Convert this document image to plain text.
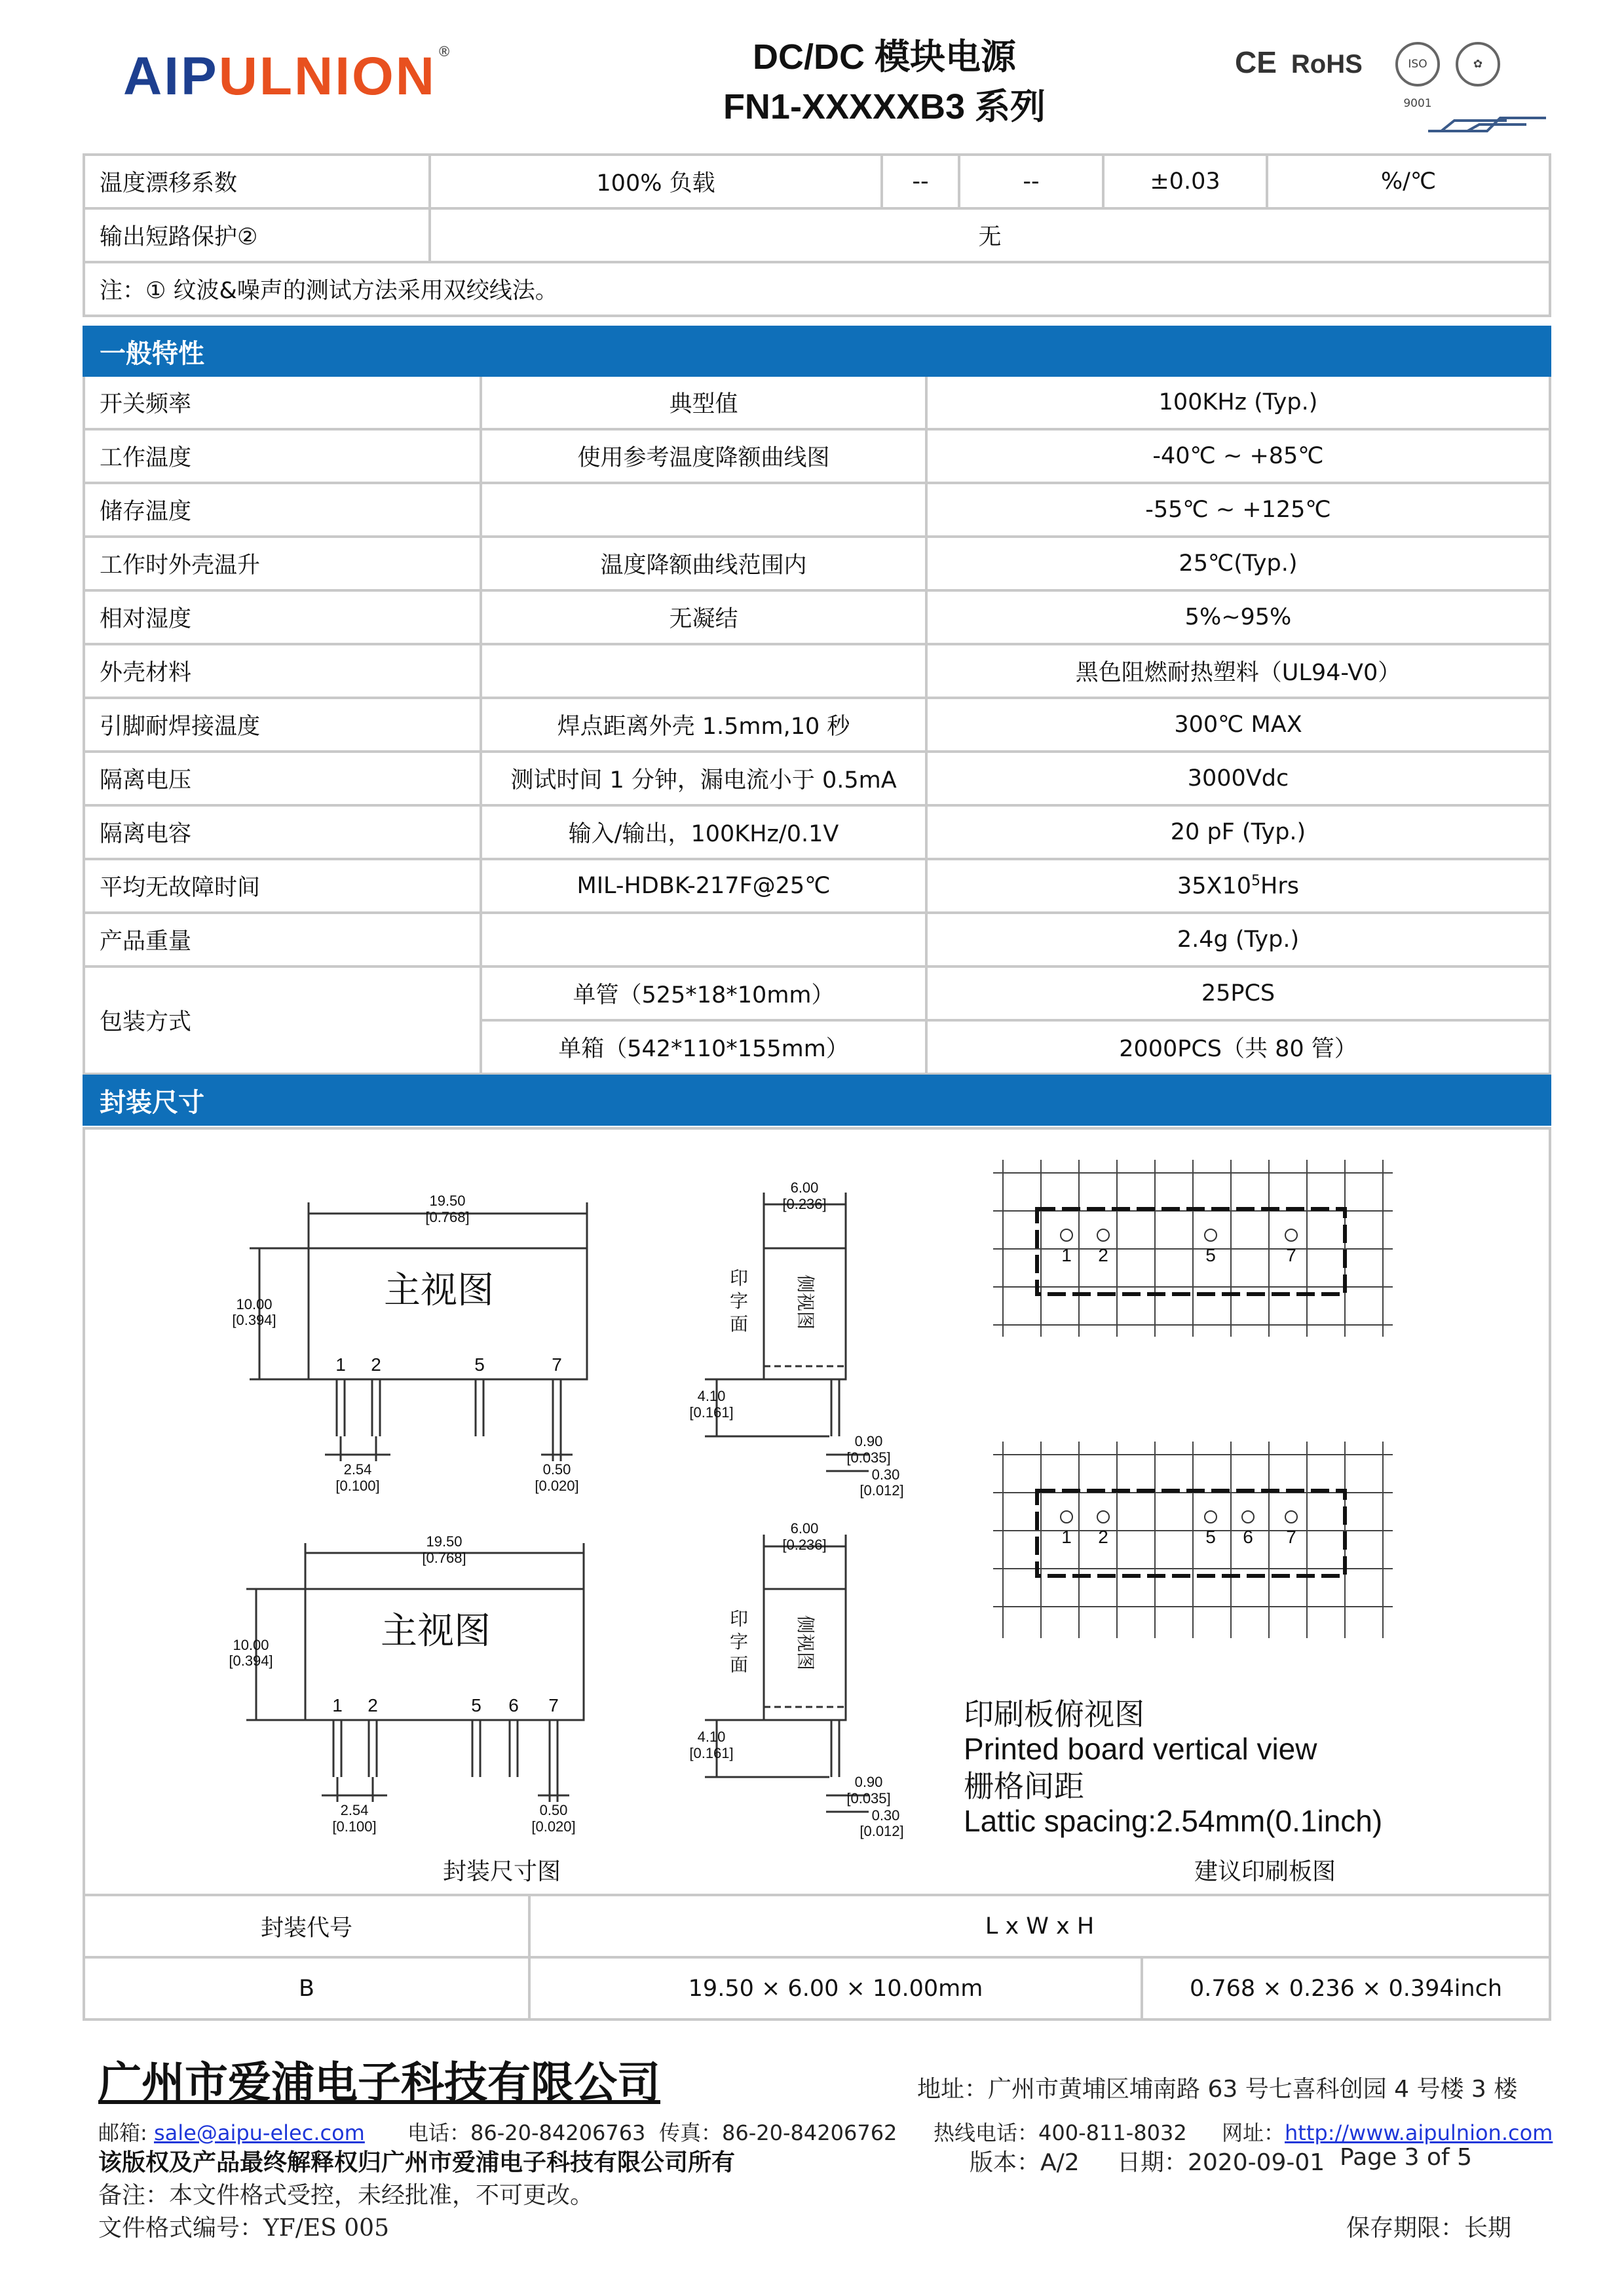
AIPULNION ®	DC/DC 模块电源
FN1-XXXXXB3 系列
CE RoHS	ISO 9001
✿
温度漂移系数	100% 负载	--	--	±0.03	%/℃
输出短路保护②	无				
注：① 纹波&噪声的测试方法采用双绞线法。					
一般特性		
开关频率	典型值	100KHz (Typ.)
工作温度	使用参考温度降额曲线图	-40℃ ~ +85℃
储存温度		-55℃ ~ +125℃
工作时外壳温升	温度降额曲线范围内	25℃(Typ.)
相对湿度	无凝结	5%~95%
外壳材料		黑色阻燃耐热塑料（UL94-V0）
引脚耐焊接温度	焊点距离外壳 1.5mm,10 秒	300℃ MAX
隔离电压	测试时间 1 分钟，漏电流小于 0.5mA	3000Vdc
隔离电容	输入/输出，100KHz/0.1V	20 pF (Typ.)
平均无故障时间	MIL-HDBK-217F@25℃	$35X10^5Hrs$
产品重量		2.4g (Typ.)
包装方式	单管（525*18*10mm）	25PCS
	单箱（542*110*155mm）	2000PCS（共 80 管）
封装尺寸
19.50
[0.768]
10.00
[0.394]
2.54
[0.100]
0.50
[0.020]
19.50
[0.768]
10.00
[0.394]
2.54
[0.100]
0.50
[0.020]
6.00
[0.236]
4.10
[0.161]
0.90
[0.035]
0.30
[0.012]
6.00
[0.236]
4.10
[0.161]
0.90
[0.035]
0.30
[0.012]
1 2	5	7
1 2	5 6 7
1 2	5	7
1 2	5 6 7
印
字
面
印
字
面
主视图
主视图
侧视图
侧视图
印刷板俯视图
Printed board vertical view
栅格间距
Lattic spacing:2.54mm(0.1inch)
封装尺寸图	建议印刷板图
封装代号	L x W x H	
B	19.50 × 6.00 × 10.00mm	0.768 × 0.236 × 0.394inch
广州市爱浦电子科技有限公司	地址：广州市黄埔区埔南路 63 号七喜科创园 4 号楼 3 楼
邮箱: sale@aipu-elec.com 电话：86-20-84206763 传真：86-20-84206762 热线电话：400-811-8032 网址：http://www.aipulnion.com
该版权及产品最终解释权归广州市爱浦电子科技有限公司所有	版本：A/2 日期：2020-09-01 Page 3 of 5
备注：本文件格式受控，未经批准，不可更改。
文件格式编号：YF/ES 005	保存期限：长期
